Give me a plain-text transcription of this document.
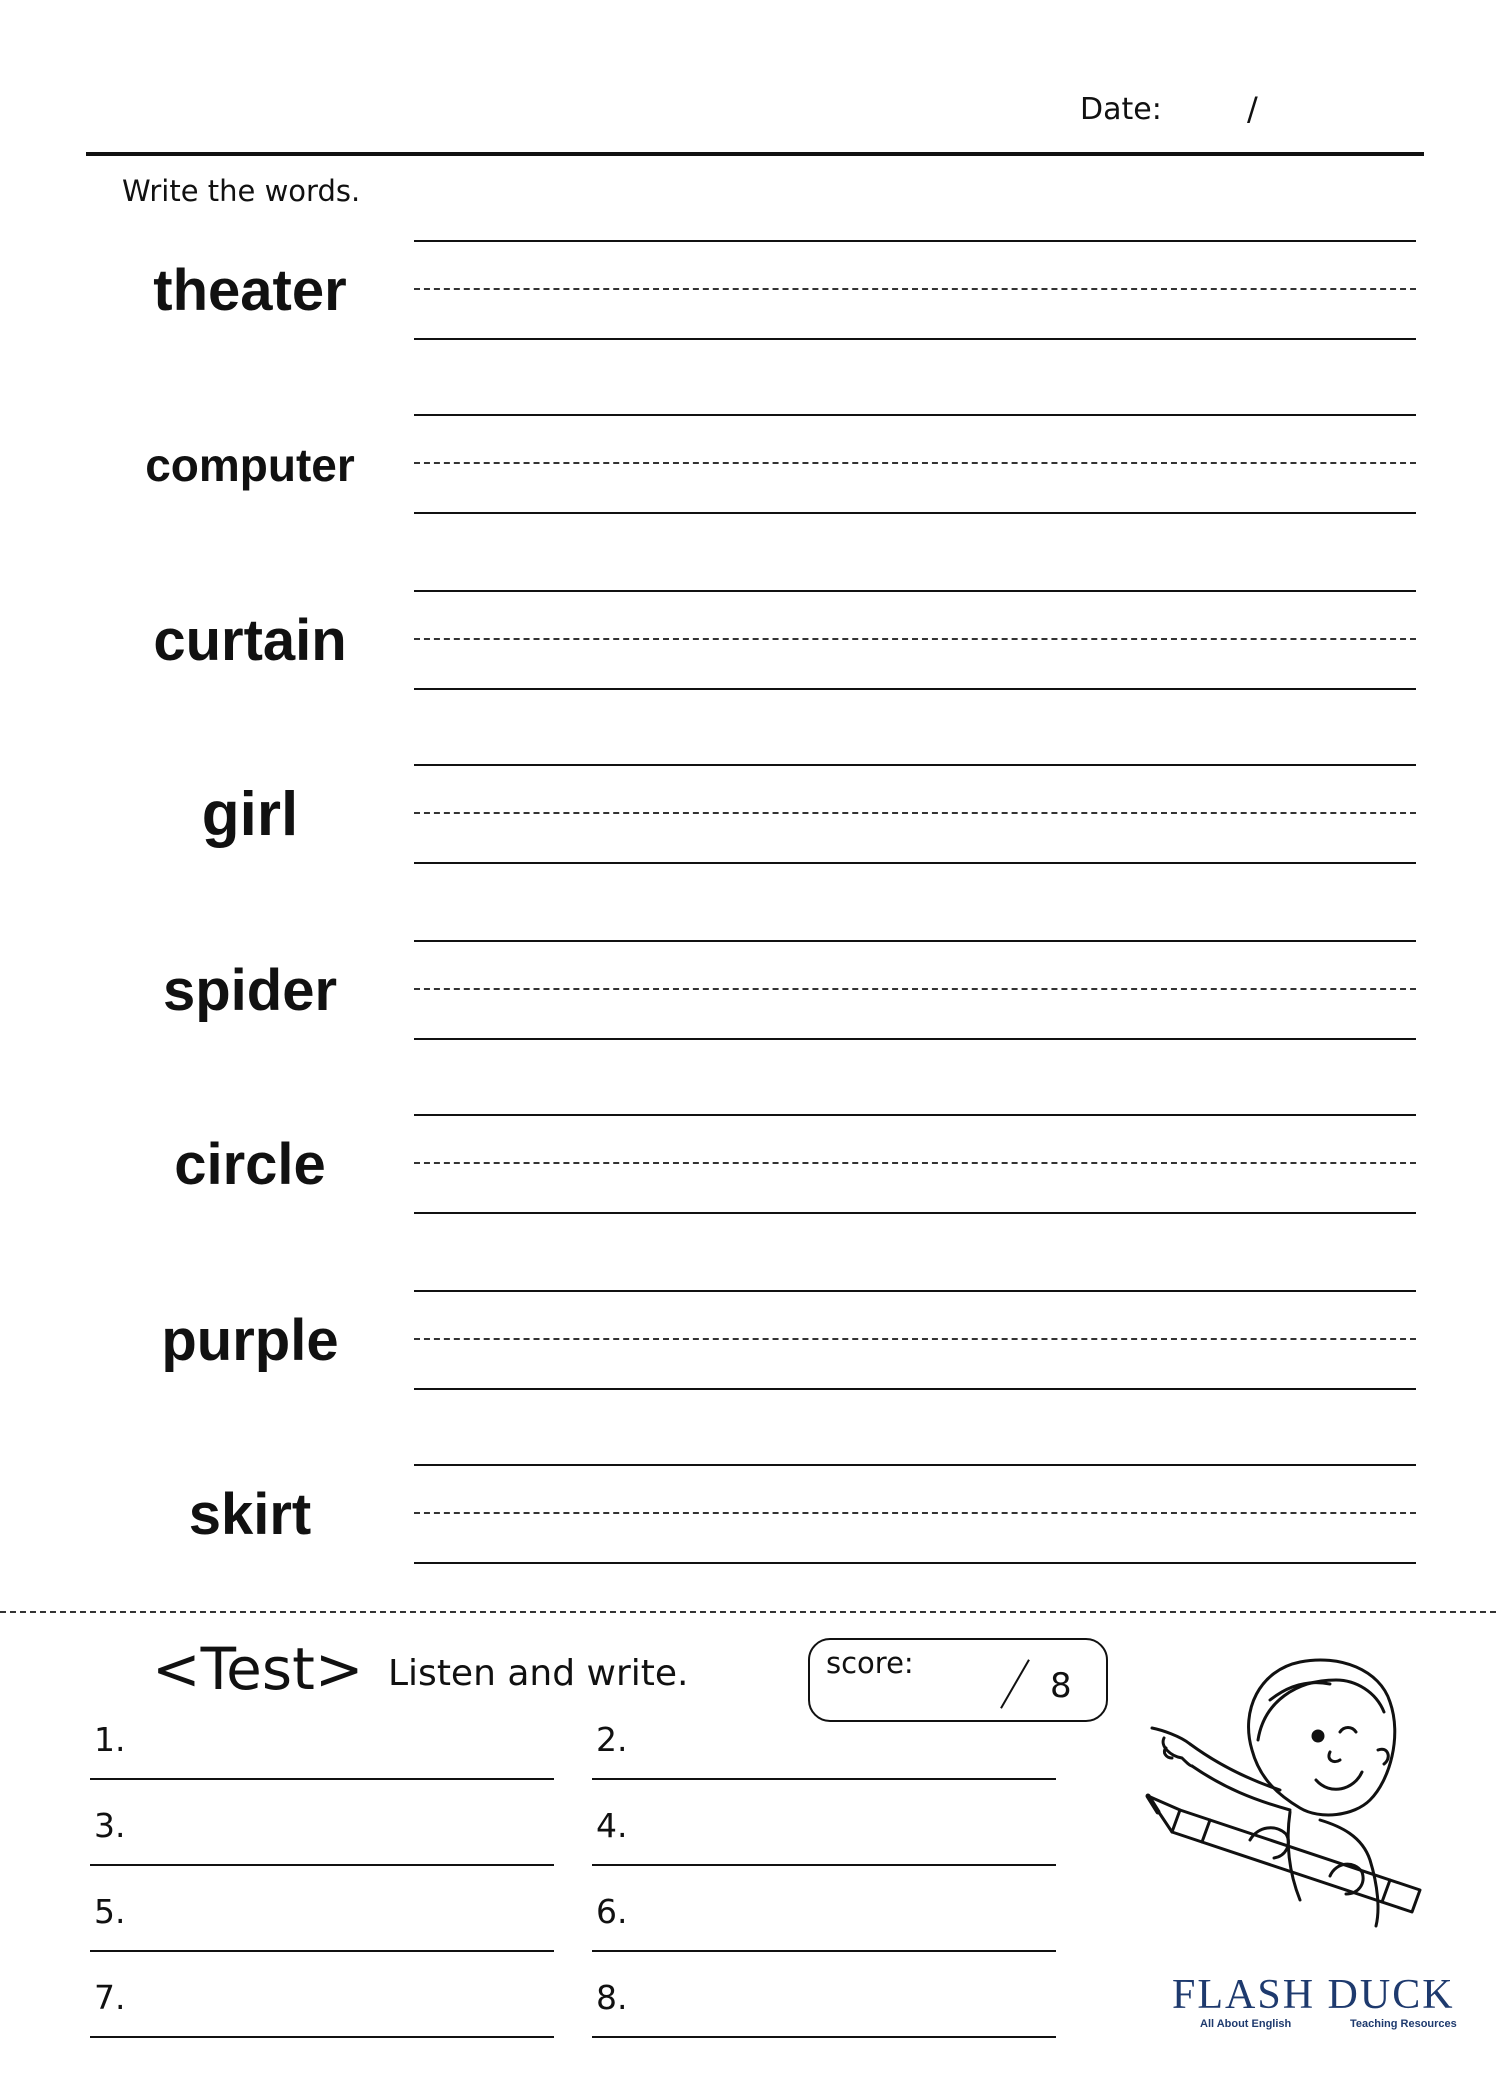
Date:	/
Write the words.
theater
computer
curtain
girl
spider
circle
purple
skirt
<Test> Listen and write.	score:
8
1.	2.
3.	4.
5.	6.
7.	8.	FLASH DUCK
All About English	Teaching Resources
